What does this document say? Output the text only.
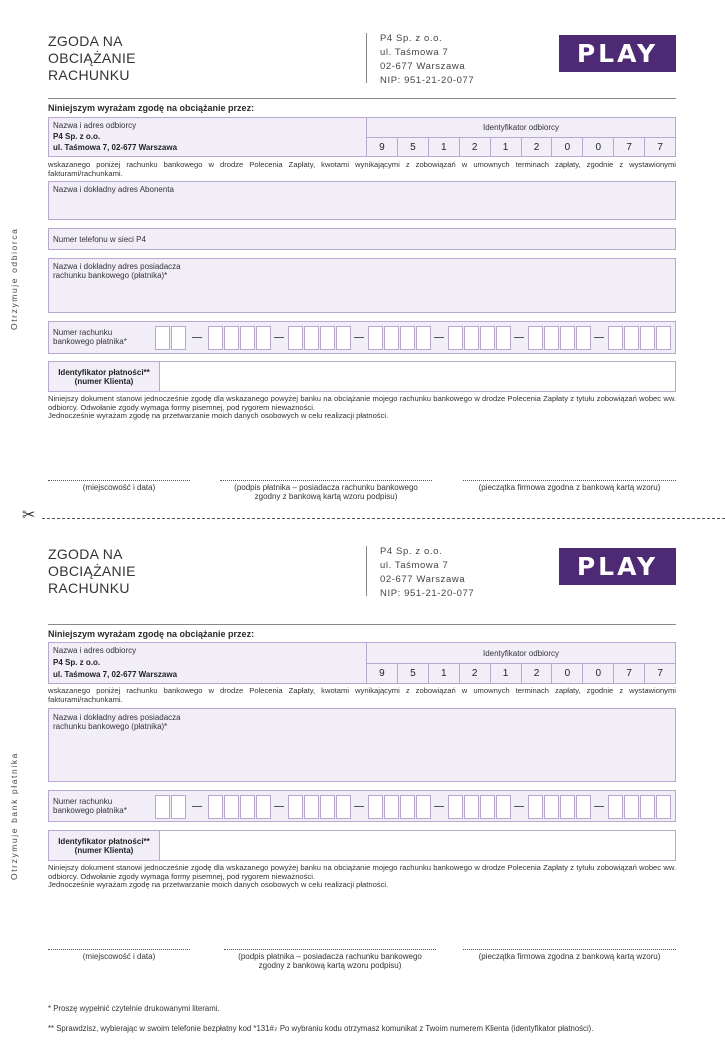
ZGODA NA
OBCIĄŻANIE
RACHUNKU
P4 Sp. z o.o.
ul. Taśmowa 7
02-677 Warszawa
NIP: 951-21-20-077
PLAY
Niniejszym wyrażam zgodę na obciążanie przez:
Nazwa i adres odbiorcy
P4 Sp. z o.o.
ul. Taśmowa 7, 02-677 Warszawa
Identyfikator odbiorcy
9	5	1	2	1	2	0	0	7	7
wskazanego poniżej rachunku bankowego w drodze Polecenia Zapłaty, kwotami wynikającymi z zobowiązań w umownych terminach zapłaty, zgodnie z wystawionymi fakturami/rachunkami.
Nazwa i dokładny adres Abonenta
Numer telefonu w sieci P4
Nazwa i dokładny adres posiadacza
rachunku bankowego (płatnika)*
Numer rachunku
bankowego płatnika*
Identyfikator płatności**
(numer Klienta)
Niniejszy dokument stanowi jednocześnie zgodę dla wskazanego powyżej banku na obciążanie mojego rachunku bankowego w drodze Polecenia Zapłaty z tytułu zobowiązań wobec ww. odbiorcy. Odwołanie zgody wymaga formy pisemnej, pod rygorem nieważności.
Jednocześnie wyrażam zgodę na przetwarzanie moich danych osobowych w celu realizacji płatności.
(miejscowość i data)	(podpis płatnika – posiadacza rachunku bankowego
zgodny z bankową kartą wzoru podpisu)
(pieczątka firmowa zgodna z bankową kartą wzoru)
Otrzymuje odbiorca
✂
ZGODA NA
OBCIĄŻANIE
RACHUNKU
P4 Sp. z o.o.
ul. Taśmowa 7
02-677 Warszawa
NIP: 951-21-20-077
PLAY
Niniejszym wyrażam zgodę na obciążanie przez:
Nazwa i adres odbiorcy
P4 Sp. z o.o.
ul. Taśmowa 7, 02-677 Warszawa
Identyfikator odbiorcy
9	5	1	2	1	2	0	0	7	7
wskazanego poniżej rachunku bankowego w drodze Polecenia Zapłaty, kwotami wynikającymi z zobowiązań w umownych terminach zapłaty, zgodnie z wystawionymi fakturami/rachunkami.
Nazwa i dokładny adres posiadacza
rachunku bankowego (płatnika)*
Numer rachunku
bankowego płatnika*
Identyfikator płatności**
(numer Klienta)
Niniejszy dokument stanowi jednocześnie zgodę dla wskazanego powyżej banku na obciążanie mojego rachunku bankowego w drodze Polecenia Zapłaty z tytułu zobowiązań wobec ww. odbiorcy. Odwołanie zgody wymaga formy pisemnej, pod rygorem nieważności.
Jednocześnie wyrażam zgodę na przetwarzanie moich danych osobowych w celu realizacji płatności.
(miejscowość i data)	(podpis płatnika – posiadacza rachunku bankowego
zgodny z bankową kartą wzoru podpisu)
(pieczątka firmowa zgodna z bankową kartą wzoru)
Otrzymuje bank płatnika

* Proszę wypełnić czytelnie drukowanymi literami.

** Sprawdzisz, wybierając w swoim telefonie bezpłatny kod *131#♪ Po wybraniu kodu otrzymasz komunikat z Twoim numerem Klienta (identyfikator płatności).
